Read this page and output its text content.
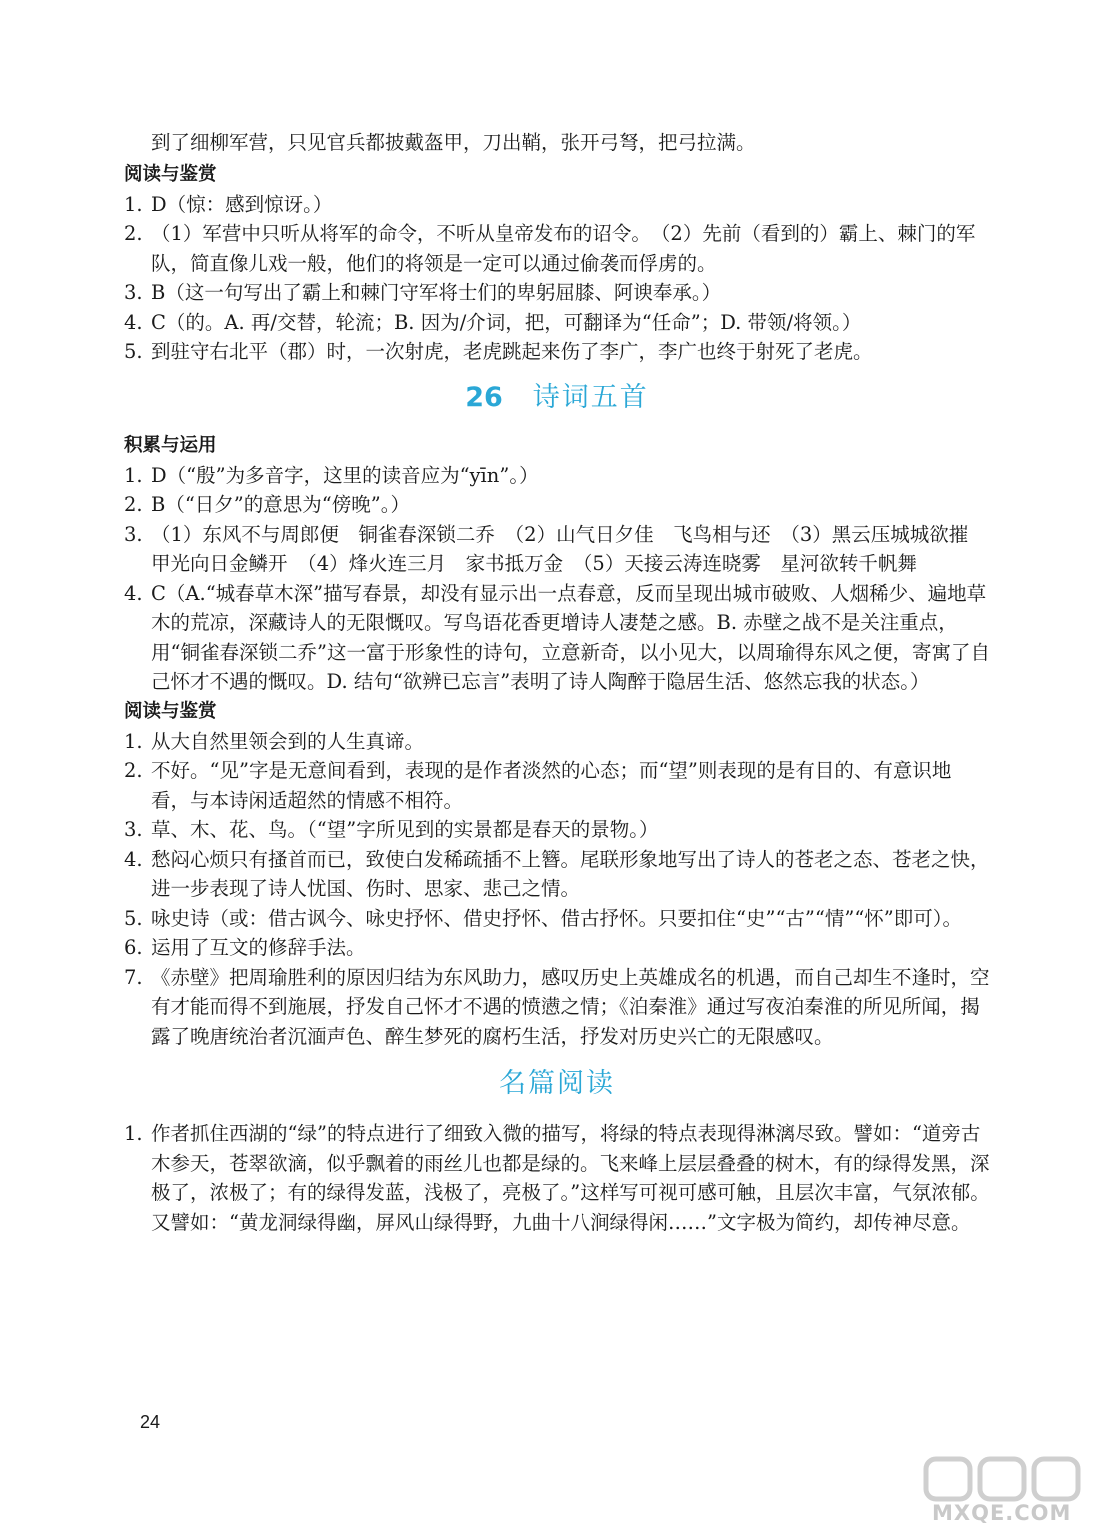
到了细柳军营，只见官兵都披戴盔甲，刀出鞘，张开弓弩，把弓拉满。

阅读与鉴赏

1. D（惊：感到惊讶。）
2. （1）军营中只听从将军的命令，不听从皇帝发布的诏令。　（2）先前（看到的）霸上、棘门的军队，简直像儿戏一般，他们的将领是一定可以通过偷袭而俘虏的。
3. B（这一句写出了霸上和棘门守军将士们的卑躬屈膝、阿谀奉承。）
4. C（的。A. 再/交替，轮流；B. 因为/介词，把，可翻译为“任命”；D. 带领/将领。）
5. 到驻守右北平（郡）时，一次射虎，老虎跳起来伤了李广，李广也终于射死了老虎。
26 诗词五首

积累与运用

1. D（“殷”为多音字，这里的读音应为“yīn”。）
2. B（“日夕”的意思为“傍晚”。）
3. （1）东风不与周郎便　铜雀春深锁二乔　（2）山气日夕佳　飞鸟相与还　（3）黑云压城城欲摧　甲光向日金鳞开　（4）烽火连三月　家书抵万金　（5）天接云涛连晓雾　星河欲转千帆舞
4. C（A.“城春草木深”描写春景，却没有显示出一点春意，反而呈现出城市破败、人烟稀少、遍地草木的荒凉，深藏诗人的无限慨叹。写鸟语花香更增诗人凄楚之感。B. 赤壁之战不是关注重点，用“铜雀春深锁二乔”这一富于形象性的诗句，立意新奇，以小见大，以周瑜得东风之便，寄寓了自己怀才不遇的慨叹。D. 结句“欲辨已忘言”表明了诗人陶醉于隐居生活、悠然忘我的状态。）

阅读与鉴赏

1. 从大自然里领会到的人生真谛。
2. 不好。“见”字是无意间看到，表现的是作者淡然的心态；而“望”则表现的是有目的、有意识地看，与本诗闲适超然的情感不相符。
3. 草、木、花、鸟。（“望”字所见到的实景都是春天的景物。）
4. 愁闷心烦只有搔首而已，致使白发稀疏插不上簪。尾联形象地写出了诗人的苍老之态、苍老之快，进一步表现了诗人忧国、伤时、思家、悲己之情。
5. 咏史诗（或：借古讽今、咏史抒怀、借史抒怀、借古抒怀。只要扣住“史”“古”“情”“怀”即可）。
6. 运用了互文的修辞手法。
7. 《赤壁》把周瑜胜利的原因归结为东风助力，感叹历史上英雄成名的机遇，而自己却生不逢时，空有才能而得不到施展，抒发自己怀才不遇的愤懑之情；《泊秦淮》通过写夜泊秦淮的所见所闻，揭露了晚唐统治者沉湎声色、醉生梦死的腐朽生活，抒发对历史兴亡的无限感叹。
名篇阅读
1. 作者抓住西湖的“绿”的特点进行了细致入微的描写，将绿的特点表现得淋漓尽致。譬如：“道旁古木参天，苍翠欲滴，似乎飘着的雨丝儿也都是绿的。飞来峰上层层叠叠的树木，有的绿得发黑，深极了，浓极了；有的绿得发蓝，浅极了，亮极了。”这样写可视可感可触，且层次丰富，气氛浓郁。又譬如：“黄龙洞绿得幽，屏风山绿得野，九曲十八涧绿得闲……”文字极为简约，却传神尽意。
24
MXQE.COM
